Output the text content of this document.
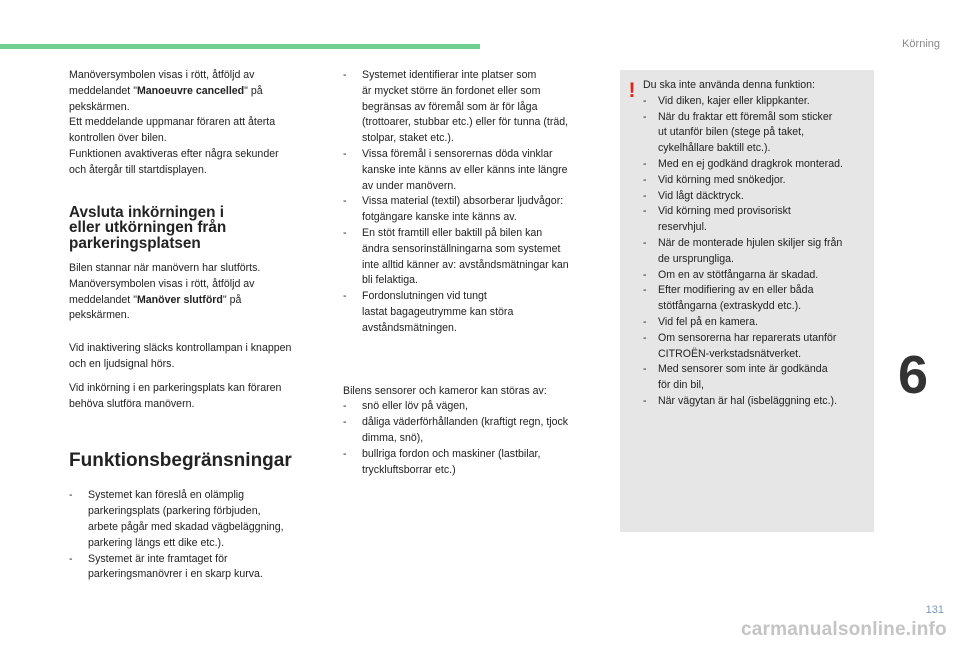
Körning

Manöversymbolen visas i rött, åtföljd av
meddelandet "Manoeuvre cancelled" på
pekskärmen.
Ett meddelande uppmanar föraren att återta
kontrollen över bilen.
Funktionen avaktiveras efter några sekunder
och återgår till startdisplayen.

Avsluta inkörningen i
eller utkörningen från
parkeringsplatsen

Bilen stannar när manövern har slutförts.
Manöversymbolen visas i rött, åtföljd av
meddelandet "Manöver slutförd" på
pekskärmen.

Vid inaktivering släcks kontrollampan i knappen
och en ljudsignal hörs.

Vid inkörning i en parkeringsplats kan föraren
behöva slutföra manövern.

Funktionsbegränsningar
-	Systemet kan föreslå en olämplig
parkeringsplats (parkering förbjuden,
arbete pågår med skadad vägbeläggning,
parkering längs ett dike etc.).
-	Systemet är inte framtaget för
parkeringsmanövrer i en skarp kurva.
-	Systemet identifierar inte platser som
är mycket större än fordonet eller som
begränsas av föremål som är för låga
(trottoarer, stubbar etc.) eller för tunna (träd,
stolpar, staket etc.).
-	Vissa föremål i sensorernas döda vinklar
kanske inte känns av eller känns inte längre
av under manövern.
-	Vissa material (textil) absorberar ljudvågor:
fotgängare kanske inte känns av.
-	En stöt framtill eller baktill på bilen kan
ändra sensorinställningarna som systemet
inte alltid känner av: avståndsmätningar kan
bli felaktiga.
-	Fordonslutningen vid tungt
lastat bagageutrymme kan störa
avståndsmätningen.

Bilens sensorer och kameror kan störas av:

-	snö eller löv på vägen,
-	dåliga väderförhållanden (kraftigt regn, tjock
dimma, snö),
-	bullriga fordon och maskiner (lastbilar,
tryckluftsborrar etc.)
! Du ska inte använda denna funktion:

-	Vid diken, kajer eller klippkanter.
-	När du fraktar ett föremål som sticker
ut utanför bilen (stege på taket,
cykelhållare baktill etc.).
-	Med en ej godkänd dragkrok monterad.
-	Vid körning med snökedjor.
-	Vid lågt däcktryck.
-	Vid körning med provisoriskt
reservhjul.
-	När de monterade hjulen skiljer sig från
de ursprungliga.
-	Om en av stötfångarna är skadad.
-	Efter modifiering av en eller båda
stötfångarna (extraskydd etc.).
-	Vid fel på en kamera.
-	Om sensorerna har reparerats utanför
CITROËN-verkstadsnätverket.
-	Med sensorer som inte är godkända
för din bil,
-	När vägytan är hal (isbeläggning etc.).	6
131
carmanualsonline.info
